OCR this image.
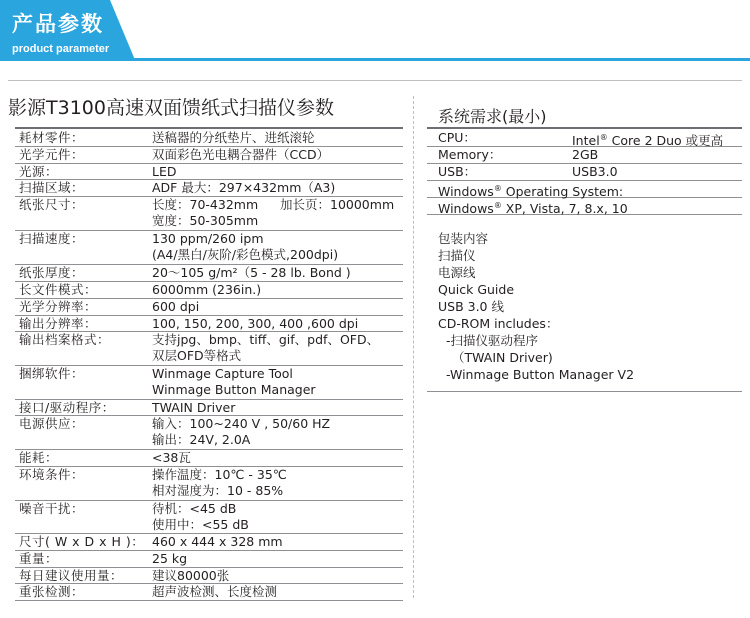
产品参数
product parameter
影源T3100高速双面馈纸式扫描仪参数
耗材零件：	送稿器的分纸垫片、进纸滚轮
光学元件：	双面彩色光电耦合器件（CCD）
光源：	LED
扫描区域：	ADF 最大：297×432mm（A3)
纸张尺寸：	长度：70-432mm 加长页：10000mm
宽度：50-305mm
扫描速度：	130 ppm/260 ipm
(A4/黑白/灰阶/彩色模式,200dpi)
纸张厚度：	20～105 g/m²（5 - 28 lb. Bond )
长文件模式：	6000mm (236in.)
光学分辨率：	600 dpi
输出分辨率：	100, 150, 200, 300, 400 ,600 dpi
输出档案格式：	支持jpg、bmp、tiff、gif、pdf、OFD、
双层OFD等格式
捆绑软件：	Winmage Capture Tool
Winmage Button Manager
接口/驱动程序：	TWAIN Driver
电源供应：	输入：100~240 V , 50/60 HZ
输出：24V, 2.0A
能耗：	<38瓦
环境条件：	操作温度：10℃ - 35℃
相对湿度为：10 - 85%
噪音干扰：	待机：<45 dB
使用中：<55 dB
尺寸( W x D x H )： 460 x 444 x 328 mm
重量：	25 kg
每日建议使用量： 建议80000张
重张检测：	超声波检测、长度检测
系统需求(最小)
CPU：	Intel® Core 2 Duo 或更高
Memory：	2GB
USB：	USB3.0
Windows® Operating System:
Windows® XP, Vista, 7, 8.x, 10
包装内容
扫描仪
电源线
Quick Guide
USB 3.0 线
CD-ROM includes：
-扫描仪驱动程序
（TWAIN Driver)
-Winmage Button Manager V2
